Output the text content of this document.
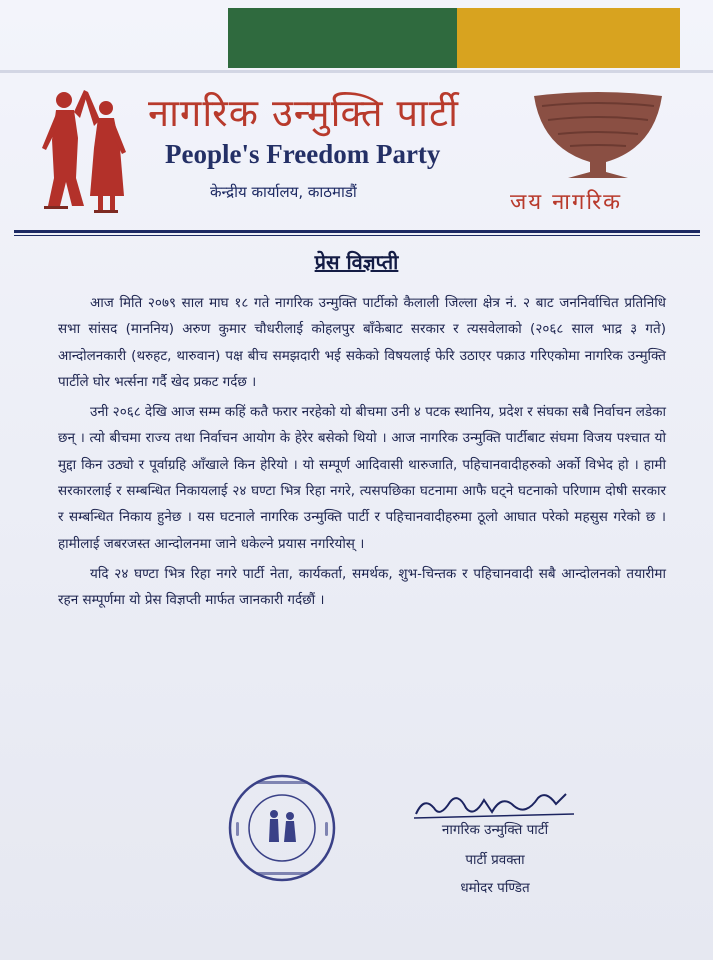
नागरिक उन्मुक्ति पार्टी
People's Freedom Party
केन्द्रीय कार्यालय, काठमाडौं	जय नागरिक
प्रेस विज्ञप्ती

आज मिति २०७९ साल माघ १८ गते नागरिक उन्मुक्ति पार्टीको कैलाली जिल्ला क्षेत्र नं. २ बाट जननिर्वाचित प्रतिनिधि सभा सांसद (माननिय) अरुण कुमार चौधरीलाई कोहलपुर बाँकेबाट सरकार र त्यसवेलाको (२०६८ साल भाद्र ३ गते) आन्दोलनकारी (थरुहट, थारुवान) पक्ष बीच समझदारी भई सकेको विषयलाई फेरि उठाएर पक्राउ गरिएकोमा नागरिक उन्मुक्ति पार्टीले घोर भर्त्सना गर्दै खेद प्रकट गर्दछ ।

उनी २०६८ देखि आज सम्म कहिं कतै फरार नरहेको यो बीचमा उनी ४ पटक स्थानिय, प्रदेश र संघका सबै निर्वाचन लडेका छन् । त्यो बीचमा राज्य तथा निर्वाचन आयोग के हेरेर बसेको थियो । आज नागरिक उन्मुक्ति पार्टीबाट संघमा विजय पश्चात यो मुद्दा किन उठ्यो र पूर्वाग्रहि आँखाले किन हेरियो । यो सम्पूर्ण आदिवासी थारुजाति, पहिचानवादीहरुको अर्को विभेद हो । हामी सरकारलाई र सम्बन्धित निकायलाई २४ घण्टा भित्र रिहा नगरे, त्यसपछिका घटनामा आफै घट्ने घटनाको परिणाम दोषी सरकार र सम्बन्धित निकाय हुनेछ । यस घटनाले नागरिक उन्मुक्ति पार्टी र पहिचानवादीहरुमा ठूलो आघात परेको महसुस गरेको छ । हामीलाई जबरजस्त आन्दोलनमा जाने धकेल्ने प्रयास नगरियोस् ।

यदि २४ घण्टा भित्र रिहा नगरे पार्टी नेता, कार्यकर्ता, समर्थक, शुभ-चिन्तक र पहिचानवादी सबै आन्दोलनको तयारीमा रहन सम्पूर्णमा यो प्रेस विज्ञप्ती मार्फत जानकारी गर्दछौं ।

नागरिक उन्मुक्ति पार्टी
पार्टी प्रवक्ता
धमोदर पण्डित
